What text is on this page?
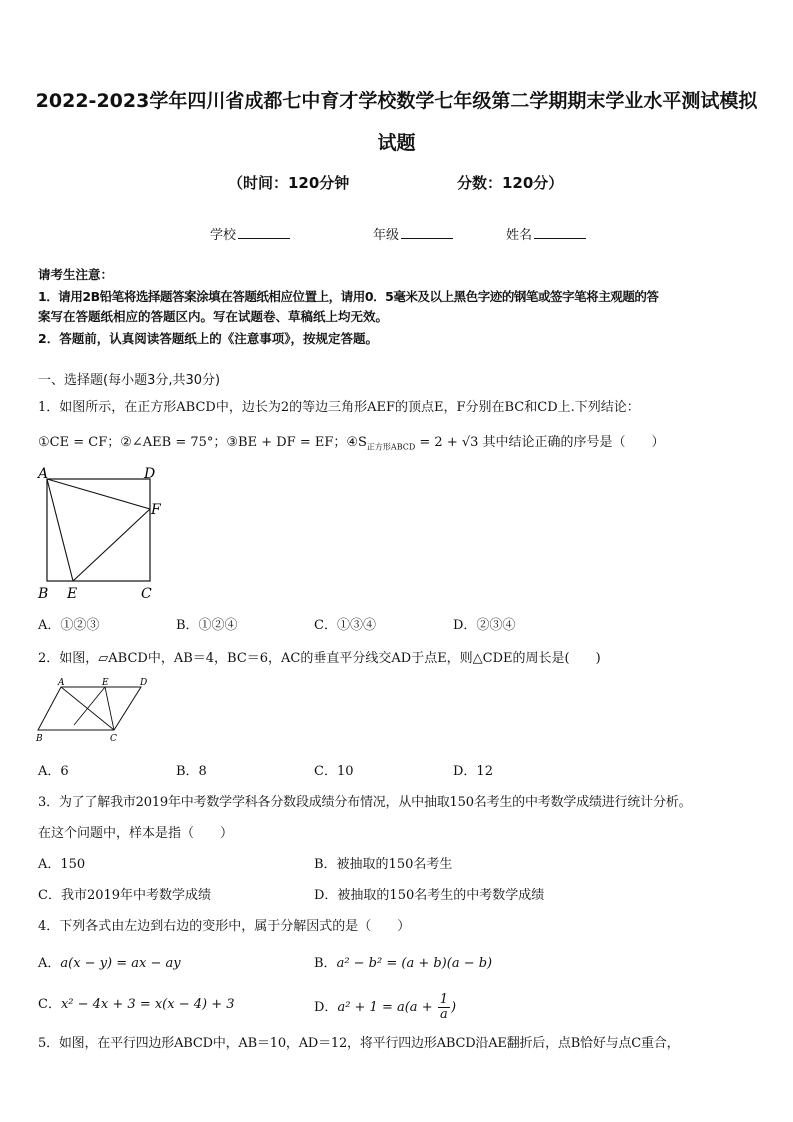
2022-2023学年四川省成都七中育才学校数学七年级第二学期期末学业水平测试模拟
试题
（时间：120分钟	分数：120分）
学校	年级	姓名
请考生注意：
1．请用2B铅笔将选择题答案涂填在答题纸相应位置上，请用0．5毫米及以上黑色字迹的钢笔或签字笔将主观题的答
案写在答题纸相应的答题区内。写在试题卷、草稿纸上均无效。
2．答题前，认真阅读答题纸上的《注意事项》，按规定答题。
一、选择题(每小题3分,共30分)
1．如图所示，在正方形ABCD中，边长为2的等边三角形AEF的顶点E，F分别在BC和CD上.下列结论：
①CE = CF；②∠AEB = 75°；③BE + DF = EF；$④S_{正方形ABCD} = 2 + √3$ 其中结论正确的序号是（　　）
A	D
F
B E	C
A．①②③	B．①②④	C．①③④	D．②③④
2．如图，▱ABCD中，AB＝4，BC＝6，AC的垂直平分线交AD于点E，则△CDE的周长是(　　)
A	E	D
B	C
A．6	B．8	C．10	D．12
3．为了了解我市2019年中考数学学科各分数段成绩分布情况，从中抽取150名考生的中考数学成绩进行统计分析。
在这个问题中，样本是指（　　）
A．150	B．被抽取的150名考生
C．我市2019年中考数学成绩	D．被抽取的150名考生的中考数学成绩
4．下列各式由左边到右边的变形中，属于分解因式的是（　　）
A．a(x − y) = ax − ay	B．a² − b² = (a + b)(a − b)
C．x² − 4x + 3 = x(x − 4) + 3	D．$a^2 + 1 = a(a + \frac{1}{a}$ )
5．如图，在平行四边形ABCD中，AB＝10，AD＝12，将平行四边形ABCD沿AE翻折后，点B恰好与点C重合，
